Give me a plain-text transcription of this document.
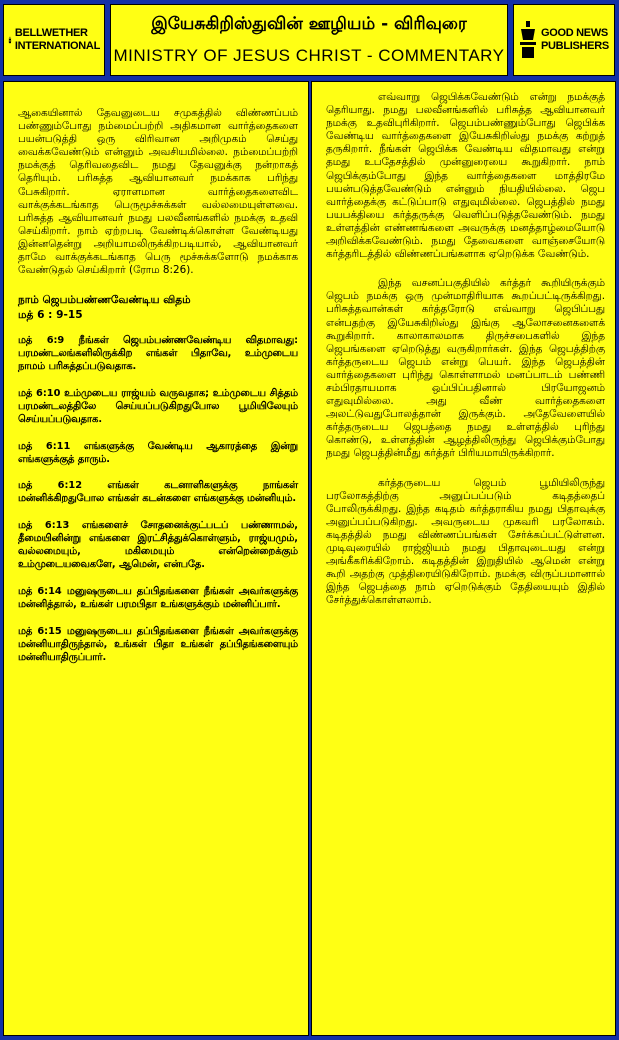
BELLWETHER
INTERNATIONAL
இயேசுகிறிஸ்துவின் ஊழியம் - விரிவுரை
MINISTRY OF JESUS CHRIST - COMMENTARY
GOOD NEWS
PUBLISHERS

ஆகையினால் தேவனுடைய சமுகத்தில் விண்ணப்பம் பண்ணும்போது நம்மைப்பற்றி அதிகமான வார்த்தைகளை பயன்படுத்தி ஒரு விரிவான அறிமுகம் செய்து வைக்கவேண்டும் என்னும் அவசியமில்லை. நம்மைப்பற்றி நமக்குத் தெரிவதைவிட நமது தேவனுக்கு நன்றாகத் தெரியும். பரிசுத்த ஆவியானவர் நமக்காக பரிந்து பேசுகிறார். ஏராளமான வார்த்தைகளைவிட வாக்குக்கடங்காத பெருமூச்சுக்கள் வல்லமையுள்ளவை. பரிசுத்த ஆவியானவர் நமது பலவீனங்களில் நமக்கு உதவி செய்கிறார். நாம் ஏற்றபடி வேண்டிக்கொள்ள வேண்டியது இன்னதென்று அறியாமலிருக்கிறபடியால், ஆவியானவர் தாமே வாக்குக்கடங்காத பெரு மூச்சுக்களோடு நமக்காக வேண்டுதல் செய்கிறார் (ரோம 8:26).

நாம் ஜெபம்பண்ணவேண்டிய விதம்
மத் 6 : 9-15

மத் 6:9 நீங்கள் ஜெபம்பண்ணவேண்டிய விதமாவது: பரமண்டலங்களிலிருக்கிற எங்கள் பிதாவே, உம்முடைய நாமம் பரிசுத்தப்படுவதாக.

மத் 6:10 உம்முடைய ராஜ்யம் வருவதாக; உம்முடைய சித்தம் பரமண்டலத்திலே செய்யப்படுகிறதுபோல பூமியிலேயும் செய்யப்படுவதாக.

மத் 6:11 எங்களுக்கு வேண்டிய ஆகாரத்தை இன்று எங்களுக்குத் தாரும்.

மத் 6:12 எங்கள் கடனாளிகளுக்கு நாங்கள் மன்னிக்கிறதுபோல எங்கள் கடன்களை எங்களுக்கு மன்னியும்.

மத் 6:13 எங்களைச் சோதனைக்குட்படப் பண்ணாமல், தீமையினின்று எங்களை இரட்சித்துக்கொள்ளும், ராஜ்யமும், வல்லமையும், மகிமையும் என்றென்றைக்கும் உம்முடையவைகளே, ஆமென், என்பதே.

மத் 6:14 மனுஷருடைய தப்பிதங்களை நீங்கள் அவர்களுக்கு மன்னித்தால், உங்கள் பரமபிதா உங்களுக்கும் மன்னிப்பார்.

மத் 6:15 மனுஷருடைய தப்பிதங்களை நீங்கள் அவர்களுக்கு மன்னியாதிருந்தால், உங்கள் பிதா உங்கள் தப்பிதங்களையும் மன்னியாதிருப்பார்.

எவ்வாறு ஜெபிக்கவேண்டும் என்று நமக்குத் தெரியாது. நமது பலவீனங்களில் பரிசுத்த ஆவியானவர் நமக்கு உதவிபுரிகிறார். ஜெபம்பண்ணும்போது ஜெபிக்க வேண்டிய வார்த்தைகளை இயேசுகிறிஸ்து நமக்கு கற்றுத் தருகிறார். நீங்கள் ஜெபிக்க வேண்டிய விதமாவது என்று தமது உபதேசத்தில் முன்னுரையை கூறுகிறார். நாம் ஜெபிக்கும்போது இந்த வார்த்தைகளை மாத்திரமே பயன்படுத்தவேண்டும் என்னும் நியதியில்லை. ஜெப வார்த்தைக்கு கட்டுப்பாடு எதுவுமில்லை. ஜெபத்தில் நமது பயபக்தியை கர்த்தருக்கு வெளிப்படுத்தவேண்டும். நமது உள்ளத்தின் எண்ணங்களை அவருக்கு மனத்தாழ்மையோடு அறிவிக்கவேண்டும். நமது தேவைகளை வாஞ்சையோடு கர்த்தரிடத்தில் விண்ணப்பங்களாக ஏறெடுக்க வேண்டும்.

இந்த வசனப்பகுதியில் கர்த்தர் கூறியிருக்கும் ஜெபம் நமக்கு ஒரு முன்மாதிரியாக கூறப்பட்டிருக்கிறது. பரிசுத்தவான்கள் கர்த்தரோடு எவ்வாறு ஜெபிப்பது என்பதற்கு இயேசுகிறிஸ்து இங்கு ஆலோசனைகளைக் கூறுகிறார். காலாகாலமாக திருச்சபைகளில் இந்த ஜெபங்களை ஏறெடுத்து வருகிறார்கள். இந்த ஜெபத்திற்கு கர்த்தருடைய ஜெபம் என்று பெயர். இந்த ஜெபத்தின் வார்த்தைகளை புரிந்து கொள்ளாமல் மனப்பாடம் பண்ணி சம்பிரதாயமாக ஒப்பிப்பதினால் பிரயோஜனம் எதுவுமில்லை. அது வீண் வார்த்தைகளை அலட்டுவதுபோலத்தான் இருக்கும். அதேவேளையில் கர்த்தருடைய ஜெபத்தை நமது உள்ளத்தில் புரிந்து கொண்டு, உள்ளத்தின் ஆழத்திலிருந்து ஜெபிக்கும்போது நமது ஜெபத்தின்மீது கர்த்தர் பிரியமாயிருக்கிறார்.

கர்த்தருடைய ஜெபம் பூமியிலிருந்து பரலோகத்திற்கு அனுப்பப்படும் கடிதத்தைப் போலிருக்கிறது. இந்த கடிதம் கர்த்தராகிய நமது பிதாவுக்கு அனுப்பப்படுகிறது. அவருடைய முகவரி பரலோகம். கடிதத்தில் நமது விண்ணப்பங்கள் சேர்க்கப்பட்டுள்ளன. முடிவுரையில் ராஜ்ஜியம் நமது பிதாவுடையது என்று அங்கீகரிக்கிறோம். கடிதத்தின் இறுதியில் ஆமென் என்று கூறி அதற்கு முத்திரையிடுகிறோம். நமக்கு விருப்பமானால் இந்த ஜெபத்தை நாம் ஏறெடுக்கும் தேதியையும் இதில் சேர்த்துக்கொள்ளலாம்.
